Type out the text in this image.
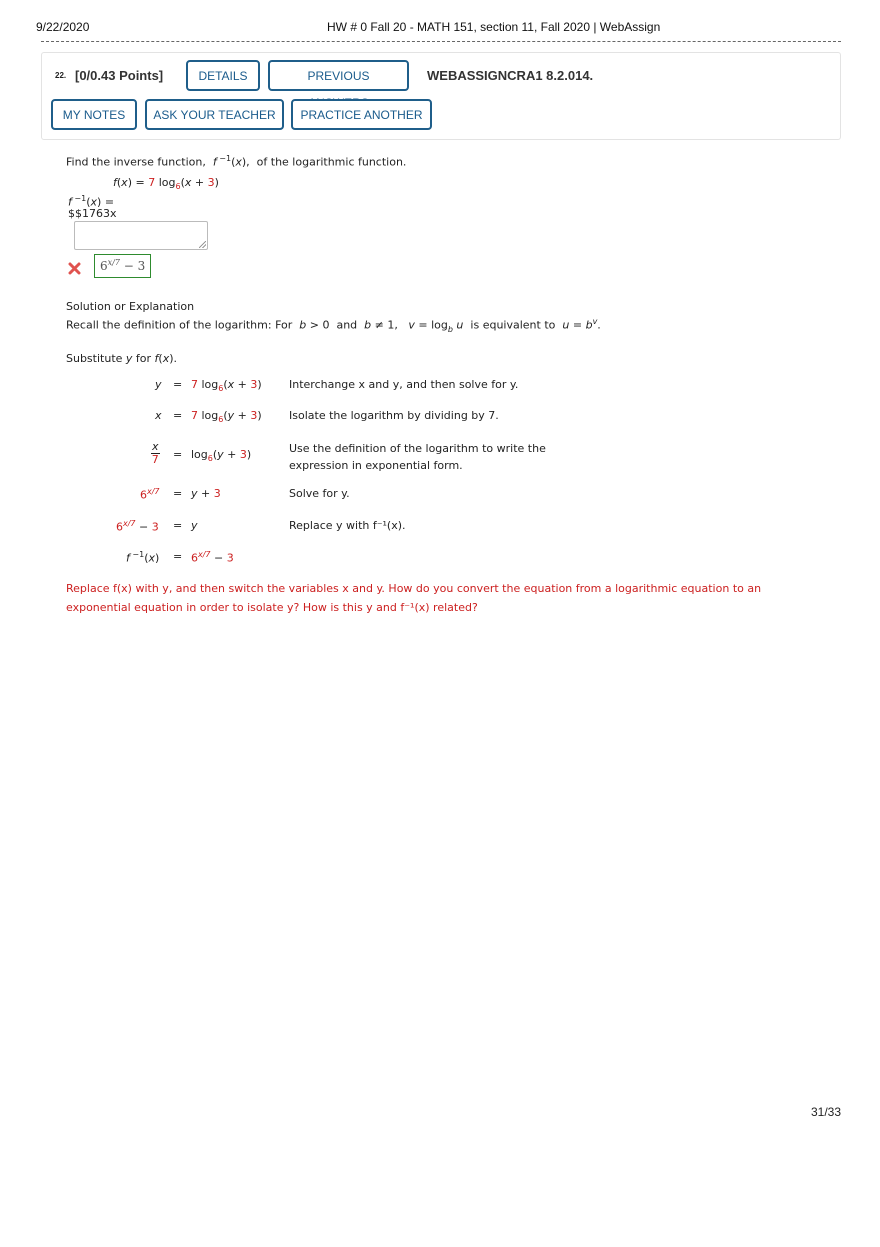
9/22/2020	HW # 0 Fall 20 - MATH 151, section 11, Fall 2020 | WebAssign
22. [0/0.43 Points]	DETAILS	PREVIOUS	WEBASSIGNCRA1 8.2.014.
MY NOTES	ASK YOUR TEACHER	PRACTICE ANOTHER
Find the inverse function,  f $^{-1}$(x),  of the logarithmic function.
f(x) = 7 $\log_6(x + 3)$
f $^{-1}$(x) =
$$1763x
$6^{x/7} - 3$
Solution or Explanation
Recall the definition of the logarithm: For b > 0  and b ≠ 1,   $v = \log_b u$ is equivalent to $u = b^v$.
Substitute y for f(x).
y = 7 $\log_6(x + 3)$ Interchange x and y, and then solve for y.
x = 7 $\log_6(y + 3)$ Isolate the logarithm by dividing by 7.
$\frac{x}{7} = \log_6(y + 3)$	Use the definition of the logarithm to write the expression in exponential form.
$6^{x/7} = y + 3$	Solve for y.
$6^{x/7} - 3 = y$	Replace y with f⁻¹(x).
f $^{-1}(x) = 6^{x/7} - 3$
Replace f(x) with y, and then switch the variables x and y. How do you convert the equation from a logarithmic equation to an exponential equation in order to isolate y? How is this y and f⁻¹(x) related?
31/33
